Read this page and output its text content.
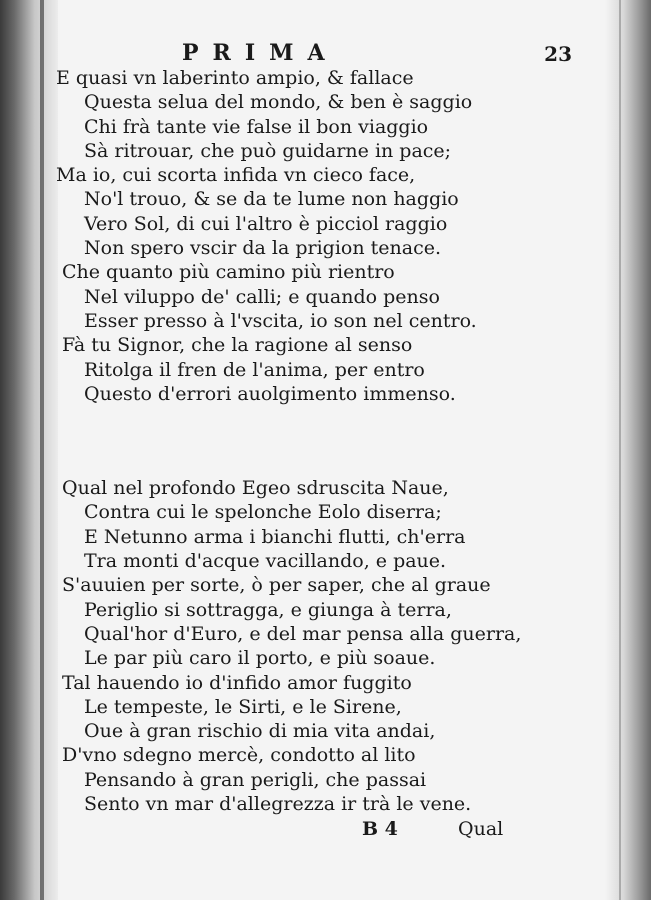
PRIMA	23
E quasi vn laberinto ampio, & fallace
Questa selua del mondo, & ben è saggio
Chi frà tante vie false il bon viaggio
Sà ritrouar, che può guidarne in pace;
Ma io, cui scorta infida vn cieco face,
No'l trouo, & se da te lume non haggio
Vero Sol, di cui l'altro è picciol raggio
Non spero vscir da la prigion tenace.
Che quanto più camino più rientro
Nel viluppo de' calli; e quando penso
Esser presso à l'vscita, io son nel centro.
Fà tu Signor, che la ragione al senso
Ritolga il fren de l'anima, per entro
Questo d'errori auolgimento immenso.
Qual nel profondo Egeo sdruscita Naue,
Contra cui le spelonche Eolo diserra;
E Netunno arma i bianchi flutti, ch'erra
Tra monti d'acque vacillando, e paue.
S'auuien per sorte, ò per saper, che al graue
Periglio si sottragga, e giunga à terra,
Qual'hor d'Euro, e del mar pensa alla guerra,
Le par più caro il porto, e più soaue.
Tal hauendo io d'infido amor fuggito
Le tempeste, le Sirti, e le Sirene,
Oue à gran rischio di mia vita andai,
D'vno sdegno mercè, condotto al lito
Pensando à gran perigli, che passai
Sento vn mar d'allegrezza ir trà le vene.
B 4	Qual
